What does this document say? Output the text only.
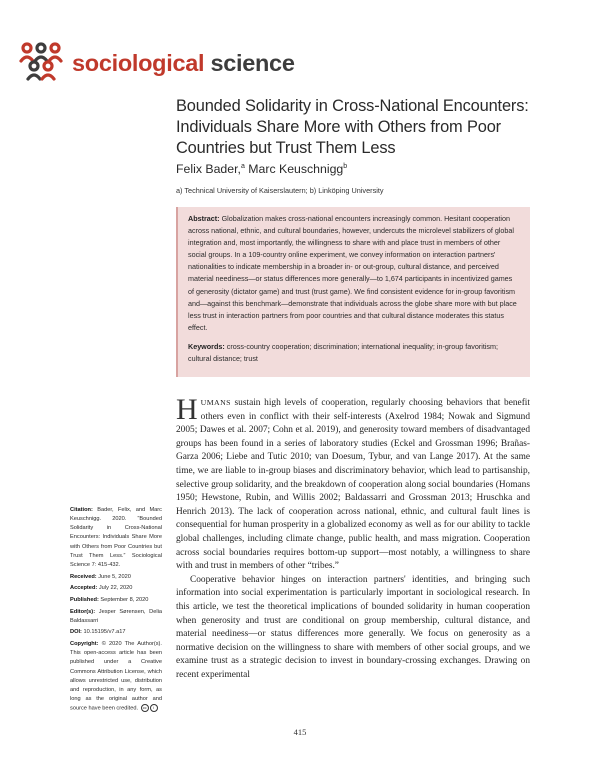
sociological science
Bounded Solidarity in Cross-National Encounters: Individuals Share More with Others from Poor Countries but Trust Them Less
Felix Bader,$^a$ Marc Keuschnigg$^b$
a) Technical University of Kaiserslautern; b) Linköping University
Abstract: Globalization makes cross-national encounters increasingly common. Hesitant cooperation across national, ethnic, and cultural boundaries, however, undercuts the microlevel stabilizers of global integration and, most importantly, the willingness to share with and place trust in members of other social groups. In a 109-country online experiment, we convey information on interaction partners' nationalities to indicate membership in a broader in- or out-group, cultural distance, and perceived material neediness—or status differences more generally—to 1,674 participants in incentivized games of generosity (dictator game) and trust (trust game). We find consistent evidence for in-group favoritism and—against this benchmark—demonstrate that individuals across the globe share more with but place less trust in interaction partners from poor countries and that cultural distance moderates this status effect.
Keywords: cross-country cooperation; discrimination; international inequality; in-group favoritism; cultural distance; trust

HUMANS sustain high levels of cooperation, regularly choosing behaviors that benefit others even in conflict with their self-interests (Axelrod 1984; Nowak and Sigmund 2005; Dawes et al. 2007; Cohn et al. 2019), and generosity toward members of disadvantaged groups has been found in a series of laboratory studies (Eckel and Grossman 1996; Brañas-Garza 2006; Liebe and Tutic 2010; van Doesum, Tybur, and van Lange 2017). At the same time, we are liable to in-group biases and discriminatory behavior, which lead to partisanship, selective group solidarity, and the breakdown of cooperation along social boundaries (Homans 1950; Hewstone, Rubin, and Willis 2002; Baldassarri and Grossman 2013; Hruschka and Henrich 2013). The lack of cooperation across national, ethnic, and cultural fault lines is consequential for human prosperity in a globalized economy as well as for our ability to tackle global challenges, including climate change, public health, and mass migration. Cooperation across social boundaries requires bottom-up support—most notably, a willingness to share with and trust in members of other “tribes.”

Cooperative behavior hinges on interaction partners' identities, and bringing such information into social experimentation is particularly important in sociological research. In this article, we test the theoretical implications of bounded solidarity in human cooperation when generosity and trust are conditional on group membership, cultural distance, and material neediness—or status differences more generally. We focus on generosity as a normative decision on the willingness to share with members of other social groups, and we examine trust as a strategic decision to invest in boundary-crossing exchanges. Drawing on recent experimental

Citation: Bader, Felix, and Marc Keuschnigg. 2020. “Bounded Solidarity in Cross-National Encounters: Individuals Share More with Others from Poor Countries but Trust Them Less.” Sociological Science 7: 415-432.
Received: June 5, 2020
Accepted: July 22, 2020
Published: September 8, 2020
Editor(s): Jesper Sørensen, Delia Baldassarri
DOI: 10.15195/v7.a17
Copyright: © 2020 The Author(s). This open-access article has been published under a Creative Commons Attribution License, which allows unrestricted use, distribution and reproduction, in any form, as long as the original author and source have been credited. cc i
415
